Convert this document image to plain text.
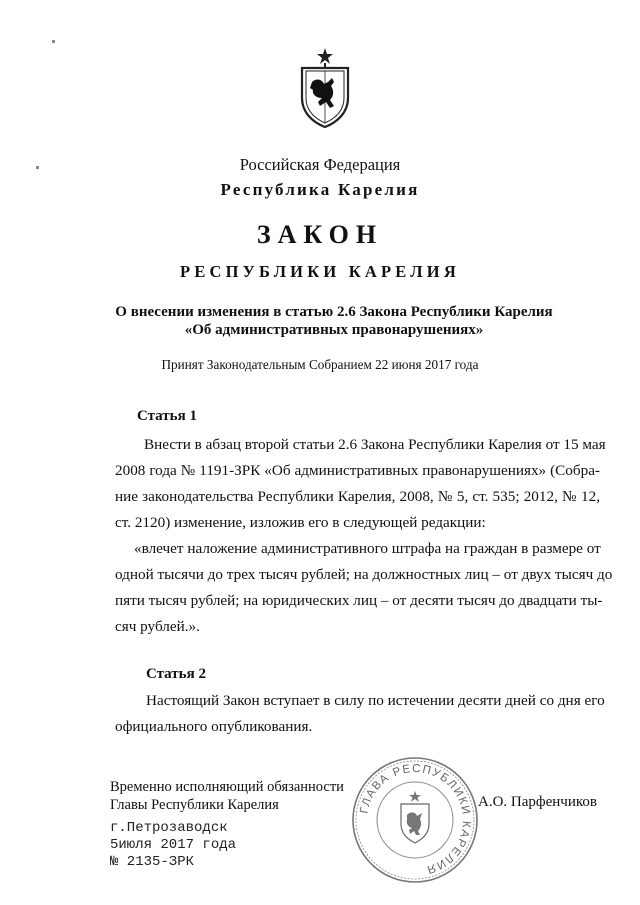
Российская Федерация
Республика Карелия
ЗАКОН
РЕСПУБЛИКИ КАРЕЛИЯ
О внесении изменения в статью 2.6 Закона Республики Карелия
«Об административных правонарушениях»
Принят Законодательным Собранием 22 июня 2017 года
Статья 1
Внести в абзац второй статьи 2.6 Закона Республики Карелия от 15 мая
2008 года № 1191-ЗРК «Об административных правонарушениях» (Собра-
ние законодательства Республики Карелия, 2008, № 5, ст. 535; 2012, № 12,
ст. 2120) изменение, изложив его в следующей редакции:
«влечет наложение административного штрафа на граждан в размере от
одной тысячи до трех тысяч рублей; на должностных лиц – от двух тысяч до
пяти тысяч рублей; на юридических лиц – от десяти тысяч до двадцати ты-
сяч рублей.».
Статья 2
Настоящий Закон вступает в силу по истечении десяти дней со дня его
официального опубликования.
Временно исполняющий обязанности
Главы Республики Карелия	А.О. Парфенчиков
ГЛАВА РЕСПУБЛИКИ КАРЕЛИЯ
г.Петрозаводск
5июля 2017 года
№ 2135-ЗРК
